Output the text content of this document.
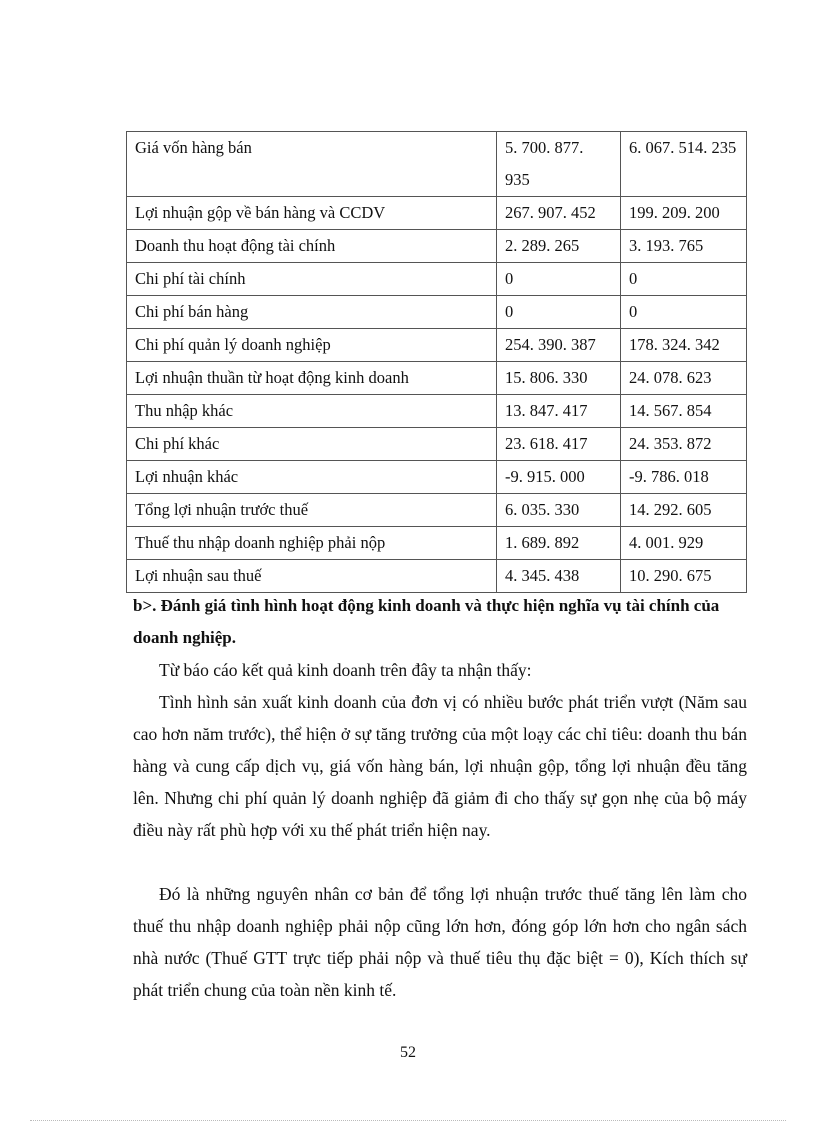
Giá vốn hàng bán	5. 700. 877. 935	6. 067. 514. 235
Lợi nhuận gộp về bán hàng và CCDV	267. 907. 452	199. 209. 200
Doanh thu hoạt động tài chính	2. 289. 265	3. 193. 765
Chi phí tài chính	0	0
Chi phí bán hàng	0	0
Chi phí quản lý doanh nghiệp	254. 390. 387	178. 324. 342
Lợi nhuận thuần từ hoạt động kinh doanh	15. 806. 330	24. 078. 623
Thu nhập khác	13. 847. 417	14. 567. 854
Chi phí khác	23. 618. 417	24. 353. 872
Lợi nhuận khác	-9. 915. 000	-9. 786. 018
Tổng lợi nhuận trước thuế	6. 035. 330	14. 292. 605
Thuế thu nhập doanh nghiệp phải nộp	1. 689. 892	4. 001. 929
Lợi nhuận sau thuế	4. 345. 438	10. 290. 675
b>. Đánh giá tình hình hoạt động kinh doanh và thực hiện nghĩa vụ tài chính của doanh nghiệp.
Từ báo cáo kết quả kinh doanh trên đây ta nhận thấy:
Tình hình sản xuất kinh doanh của đơn vị có nhiều bước phát triển vượt (Năm sau cao hơn năm trước), thể hiện ở sự tăng trưởng của một loạy các chỉ tiêu: doanh thu bán hàng và cung cấp dịch vụ, giá vốn hàng bán, lợi nhuận gộp, tổng lợi nhuận đều tăng lên. Nhưng chi phí quản lý doanh nghiệp đã giảm đi cho thấy sự gọn nhẹ của bộ máy điều này rất phù hợp với xu thế phát triển hiện nay.
Đó là những nguyên nhân cơ bản để tổng lợi nhuận trước thuế tăng lên làm cho thuế thu nhập doanh nghiệp phải nộp cũng lớn hơn, đóng góp lớn hơn cho ngân sách nhà nước (Thuế GTT trực tiếp phải nộp và thuế tiêu thụ đặc biệt = 0), Kích thích sự phát triển chung của toàn nền kinh tế.
52
